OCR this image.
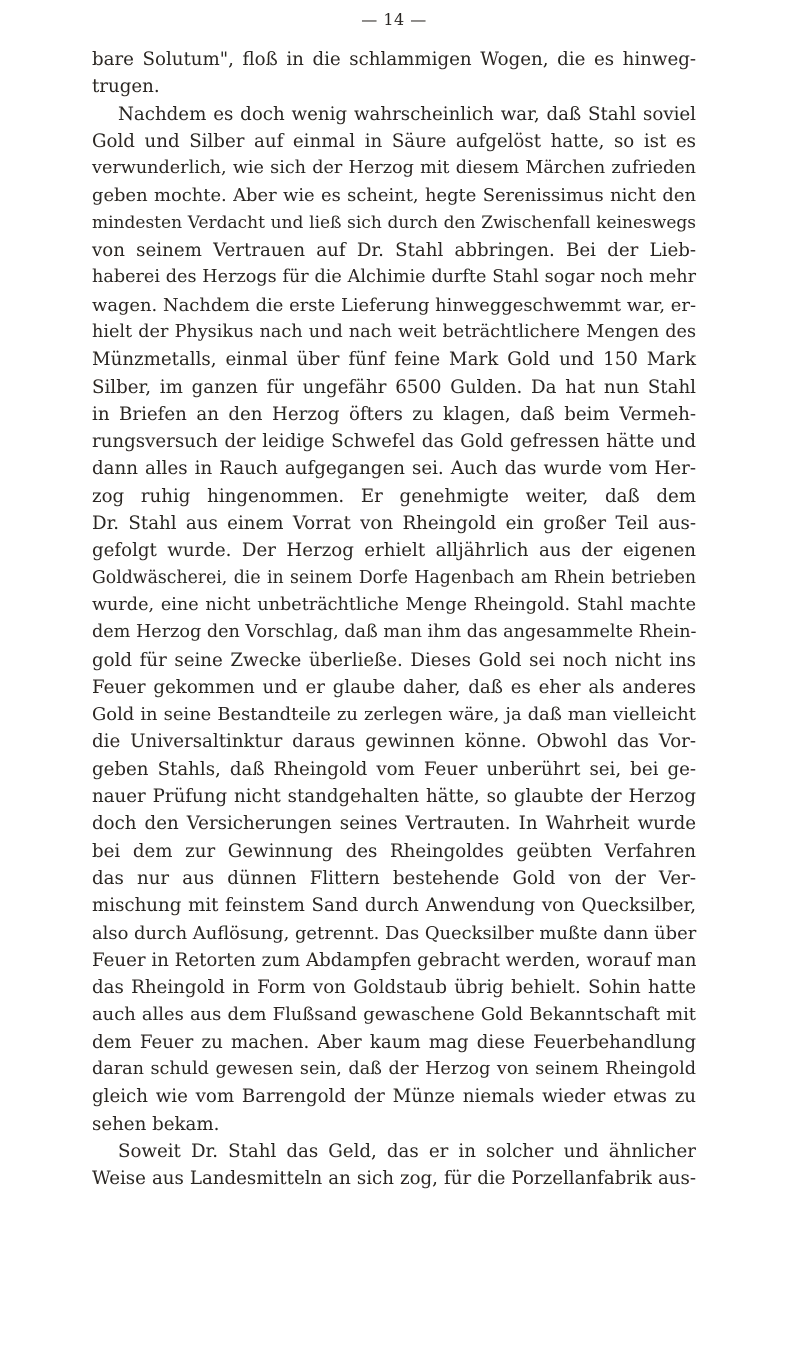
— 14 —
bare Solutum", floß in die schlammigen Wogen, die es hinweg-
trugen.
Nachdem es doch wenig wahrscheinlich war, daß Stahl soviel
Gold und Silber auf einmal in Säure aufgelöst hatte, so ist es
verwunderlich, wie sich der Herzog mit diesem Märchen zufrieden
geben mochte. Aber wie es scheint, hegte Serenissimus nicht den
mindesten Verdacht und ließ sich durch den Zwischenfall keineswegs
von seinem Vertrauen auf Dr. Stahl abbringen. Bei der Lieb-
haberei des Herzogs für die Alchimie durfte Stahl sogar noch mehr
wagen. Nachdem die erste Lieferung hinweggeschwemmt war, er-
hielt der Physikus nach und nach weit beträchtlichere Mengen des
Münzmetalls, einmal über fünf feine Mark Gold und 150 Mark
Silber, im ganzen für ungefähr 6500 Gulden. Da hat nun Stahl
in Briefen an den Herzog öfters zu klagen, daß beim Vermeh-
rungsversuch der leidige Schwefel das Gold gefressen hätte und
dann alles in Rauch aufgegangen sei. Auch das wurde vom Her-
zog ruhig hingenommen. Er genehmigte weiter, daß dem
Dr. Stahl aus einem Vorrat von Rheingold ein großer Teil aus-
gefolgt wurde. Der Herzog erhielt alljährlich aus der eigenen
Goldwäscherei, die in seinem Dorfe Hagenbach am Rhein betrieben
wurde, eine nicht unbeträchtliche Menge Rheingold. Stahl machte
dem Herzog den Vorschlag, daß man ihm das angesammelte Rhein-
gold für seine Zwecke überließe. Dieses Gold sei noch nicht ins
Feuer gekommen und er glaube daher, daß es eher als anderes
Gold in seine Bestandteile zu zerlegen wäre, ja daß man vielleicht
die Universaltinktur daraus gewinnen könne. Obwohl das Vor-
geben Stahls, daß Rheingold vom Feuer unberührt sei, bei ge-
nauer Prüfung nicht standgehalten hätte, so glaubte der Herzog
doch den Versicherungen seines Vertrauten. In Wahrheit wurde
bei dem zur Gewinnung des Rheingoldes geübten Verfahren
das nur aus dünnen Flittern bestehende Gold von der Ver-
mischung mit feinstem Sand durch Anwendung von Quecksilber,
also durch Auflösung, getrennt. Das Quecksilber mußte dann über
Feuer in Retorten zum Abdampfen gebracht werden, worauf man
das Rheingold in Form von Goldstaub übrig behielt. Sohin hatte
auch alles aus dem Flußsand gewaschene Gold Bekanntschaft mit
dem Feuer zu machen. Aber kaum mag diese Feuerbehandlung
daran schuld gewesen sein, daß der Herzog von seinem Rheingold
gleich wie vom Barrengold der Münze niemals wieder etwas zu
sehen bekam.
Soweit Dr. Stahl das Geld, das er in solcher und ähnlicher
Weise aus Landesmitteln an sich zog, für die Porzellanfabrik aus-
